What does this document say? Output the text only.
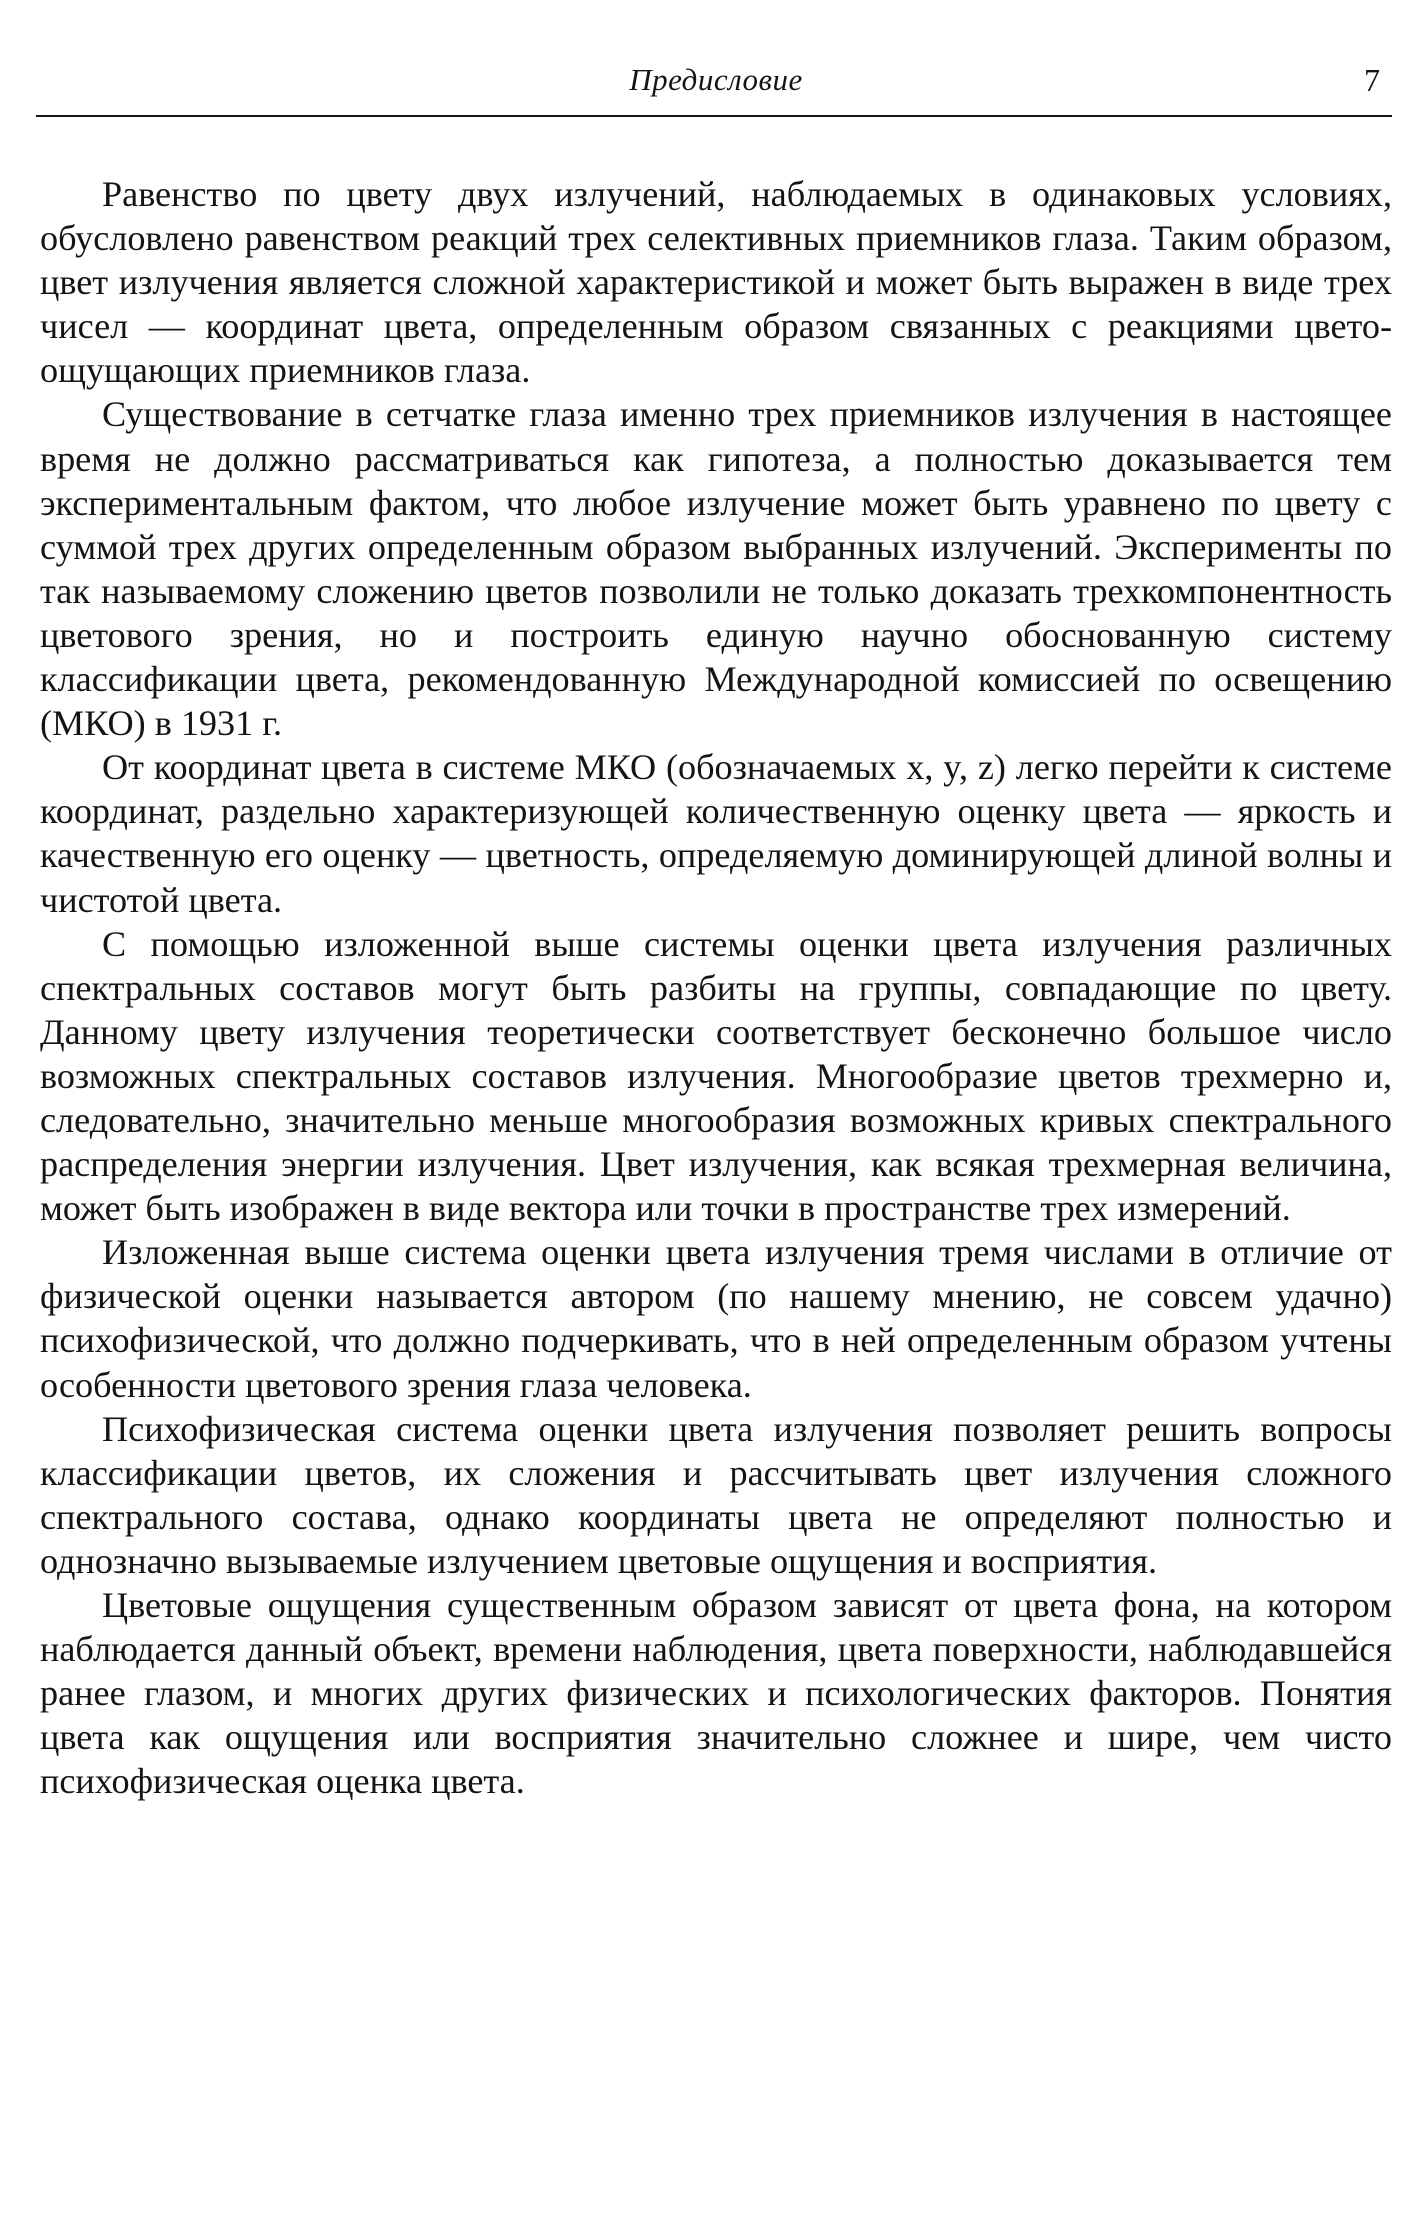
Предисловие	7

Равенство по цвету двух излучений, наблюдаемых в одинаковых условиях, обусловлено равенством реакций трех селективных приемников глаза. Таким образом, цвет излучения является сложной характеристикой и может быть выражен в виде трех чисел — координат цвета, определенным образом связанных с реакциями цветоощущающих приемников глаза.

Существование в сетчатке глаза именно трех приемников излучения в настоящее время не должно рассматриваться как гипотеза, а полностью доказывается тем экспериментальным фактом, что любое излучение может быть уравнено по цвету с суммой трех других определенным образом выбранных излучений. Эксперименты по так называемому сложению цветов позволили не только доказать трехкомпонентность цветового зрения, но и построить единую научно обоснованную систему классификации цвета, рекомендованную Международной комиссией по освещению (МКО) в 1931 г.

От координат цвета в системе МКО (обозначаемых x, y, z) легко перейти к системе координат, раздельно характеризующей количественную оценку цвета — яркость и качественную его оценку — цветность, определяемую доминирующей длиной волны и чистотой цвета.

С помощью изложенной выше системы оценки цвета излучения различных спектральных составов могут быть разбиты на группы, совпадающие по цвету. Данному цвету излучения теоретически соответствует бесконечно большое число возможных спектральных составов излучения. Многообразие цветов трехмерно и, следовательно, значительно меньше многообразия возможных кривых спектрального распределения энергии излучения. Цвет излучения, как всякая трехмерная величина, может быть изображен в виде вектора или точки в пространстве трех измерений.

Изложенная выше система оценки цвета излучения тремя числами в отличие от физической оценки называется автором (по нашему мнению, не совсем удачно) психофизической, что должно подчеркивать, что в ней определенным образом учтены особенности цветового зрения глаза человека.

Психофизическая система оценки цвета излучения позволяет решить вопросы классификации цветов, их сложения и рассчитывать цвет излучения сложного спектрального состава, однако координаты цвета не определяют полностью и однозначно вызываемые излучением цветовые ощущения и восприятия.

Цветовые ощущения существенным образом зависят от цвета фона, на котором наблюдается данный объект, времени наблюдения, цвета поверхности, наблюдавшейся ранее глазом, и многих других физических и психологических факторов. Понятия цвета как ощущения или восприятия значительно сложнее и шире, чем чисто психофизическая оценка цвета.
